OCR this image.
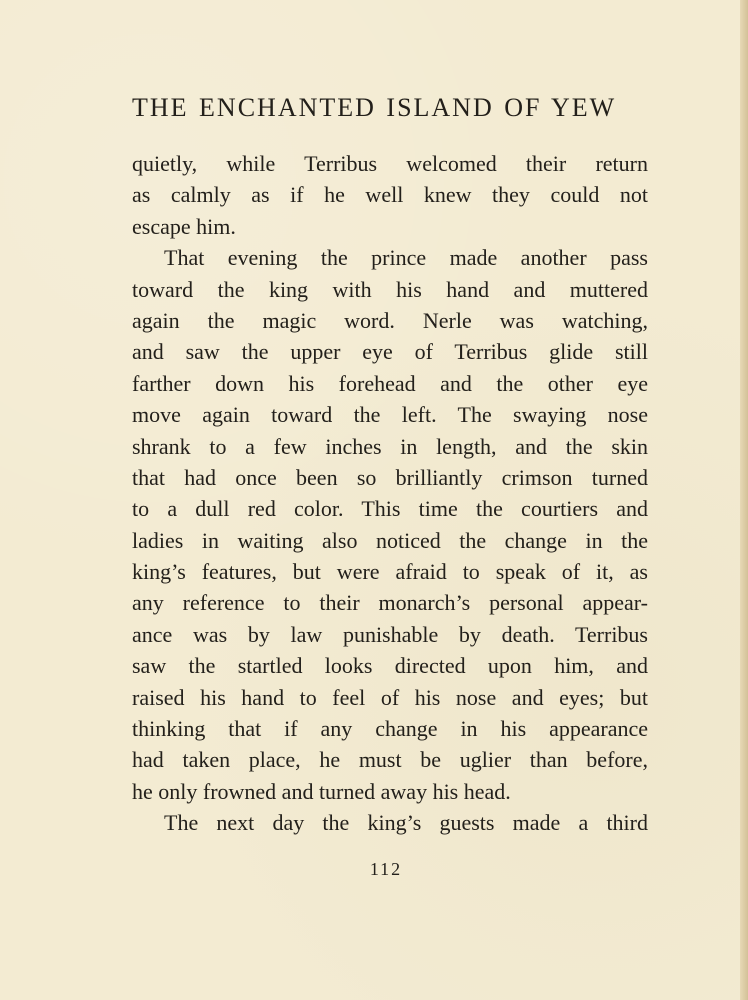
THE ENCHANTED ISLAND OF YEW
quietly, while Terribus welcomed their return
as calmly as if he well knew they could not
escape him.
That evening the prince made another pass
toward the king with his hand and muttered
again the magic word. Nerle was watching,
and saw the upper eye of Terribus glide still
farther down his forehead and the other eye
move again toward the left. The swaying nose
shrank to a few inches in length, and the skin
that had once been so brilliantly crimson turned
to a dull red color. This time the courtiers and
ladies in waiting also noticed the change in the
king’s features, but were afraid to speak of it, as
any reference to their monarch’s personal appear-
ance was by law punishable by death. Terribus
saw the startled looks directed upon him, and
raised his hand to feel of his nose and eyes; but
thinking that if any change in his appearance
had taken place, he must be uglier than before,
he only frowned and turned away his head.
The next day the king’s guests made a third
112
